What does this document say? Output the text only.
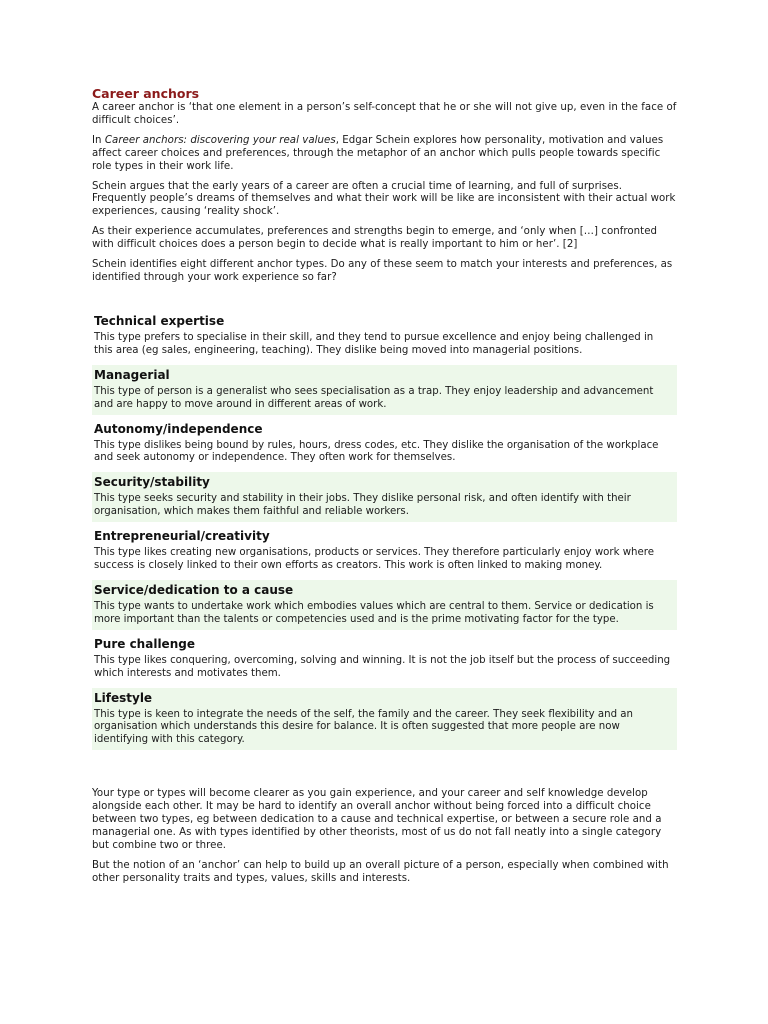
Career anchors

A career anchor is ‘that one element in a person’s self-concept that he or she will not give up, even in the face of difficult choices’.

In Career anchors: discovering your real values, Edgar Schein explores how personality, motivation and values affect career choices and preferences, through the metaphor of an anchor which pulls people towards specific role types in their work life.

Schein argues that the early years of a career are often a crucial time of learning, and full of surprises. Frequently people’s dreams of themselves and what their work will be like are inconsistent with their actual work experiences, causing ‘reality shock’.

As their experience accumulates, preferences and strengths begin to emerge, and ‘only when […] confronted with difficult choices does a person begin to decide what is really important to him or her’. [2]

Schein identifies eight different anchor types. Do any of these seem to match your interests and preferences, as identified through your work experience so far?

Technical expertise

This type prefers to specialise in their skill, and they tend to pursue excellence and enjoy being challenged in this area (eg sales, engineering, teaching). They dislike being moved into managerial positions.

Managerial

This type of person is a generalist who sees specialisation as a trap. They enjoy leadership and advancement and are happy to move around in different areas of work.

Autonomy/independence

This type dislikes being bound by rules, hours, dress codes, etc. They dislike the organisation of the workplace and seek autonomy or independence. They often work for themselves.

Security/stability

This type seeks security and stability in their jobs. They dislike personal risk, and often identify with their organisation, which makes them faithful and reliable workers.

Entrepreneurial/creativity

This type likes creating new organisations, products or services. They therefore particularly enjoy work where success is closely linked to their own efforts as creators. This work is often linked to making money.

Service/dedication to a cause

This type wants to undertake work which embodies values which are central to them. Service or dedication is more important than the talents or competencies used and is the prime motivating factor for the type.

Pure challenge

This type likes conquering, overcoming, solving and winning. It is not the job itself but the process of succeeding which interests and motivates them.

Lifestyle

This type is keen to integrate the needs of the self, the family and the career. They seek flexibility and an organisation which understands this desire for balance. It is often suggested that more people are now identifying with this category.

Your type or types will become clearer as you gain experience, and your career and self knowledge develop alongside each other. It may be hard to identify an overall anchor without being forced into a difficult choice between two types, eg between dedication to a cause and technical expertise, or between a secure role and a managerial one. As with types identified by other theorists, most of us do not fall neatly into a single category but combine two or three.

But the notion of an ‘anchor’ can help to build up an overall picture of a person, especially when combined with other personality traits and types, values, skills and interests.
